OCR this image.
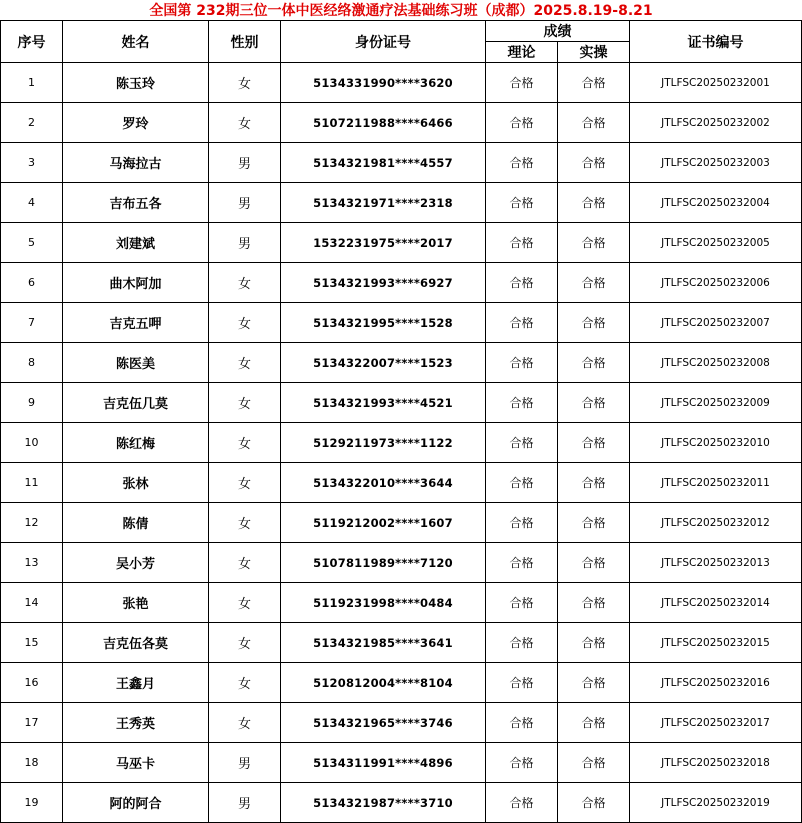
全国第 232期三位一体中医经络激通疗法基础练习班（成都）2025.8.19-8.21
序号	姓名	性别	身份证号	成绩		证书编号
				理论	实操	
1	陈玉玲	女	5134331990****3620	合格	合格	JTLFSC20250232001
2	罗玲	女	5107211988****6466	合格	合格	JTLFSC20250232002
3	马海拉古	男	5134321981****4557	合格	合格	JTLFSC20250232003
4	吉布五各	男	5134321971****2318	合格	合格	JTLFSC20250232004
5	刘建斌	男	1532231975****2017	合格	合格	JTLFSC20250232005
6	曲木阿加	女	5134321993****6927	合格	合格	JTLFSC20250232006
7	吉克五呷	女	5134321995****1528	合格	合格	JTLFSC20250232007
8	陈医美	女	5134322007****1523	合格	合格	JTLFSC20250232008
9	吉克伍几莫	女	5134321993****4521	合格	合格	JTLFSC20250232009
10	陈红梅	女	5129211973****1122	合格	合格	JTLFSC20250232010
11	张林	女	5134322010****3644	合格	合格	JTLFSC20250232011
12	陈倩	女	5119212002****1607	合格	合格	JTLFSC20250232012
13	吴小芳	女	5107811989****7120	合格	合格	JTLFSC20250232013
14	张艳	女	5119231998****0484	合格	合格	JTLFSC20250232014
15	吉克伍各莫	女	5134321985****3641	合格	合格	JTLFSC20250232015
16	王鑫月	女	5120812004****8104	合格	合格	JTLFSC20250232016
17	王秀英	女	5134321965****3746	合格	合格	JTLFSC20250232017
18	马巫卡	男	5134311991****4896	合格	合格	JTLFSC20250232018
19	阿的阿合	男	5134321987****3710	合格	合格	JTLFSC20250232019
